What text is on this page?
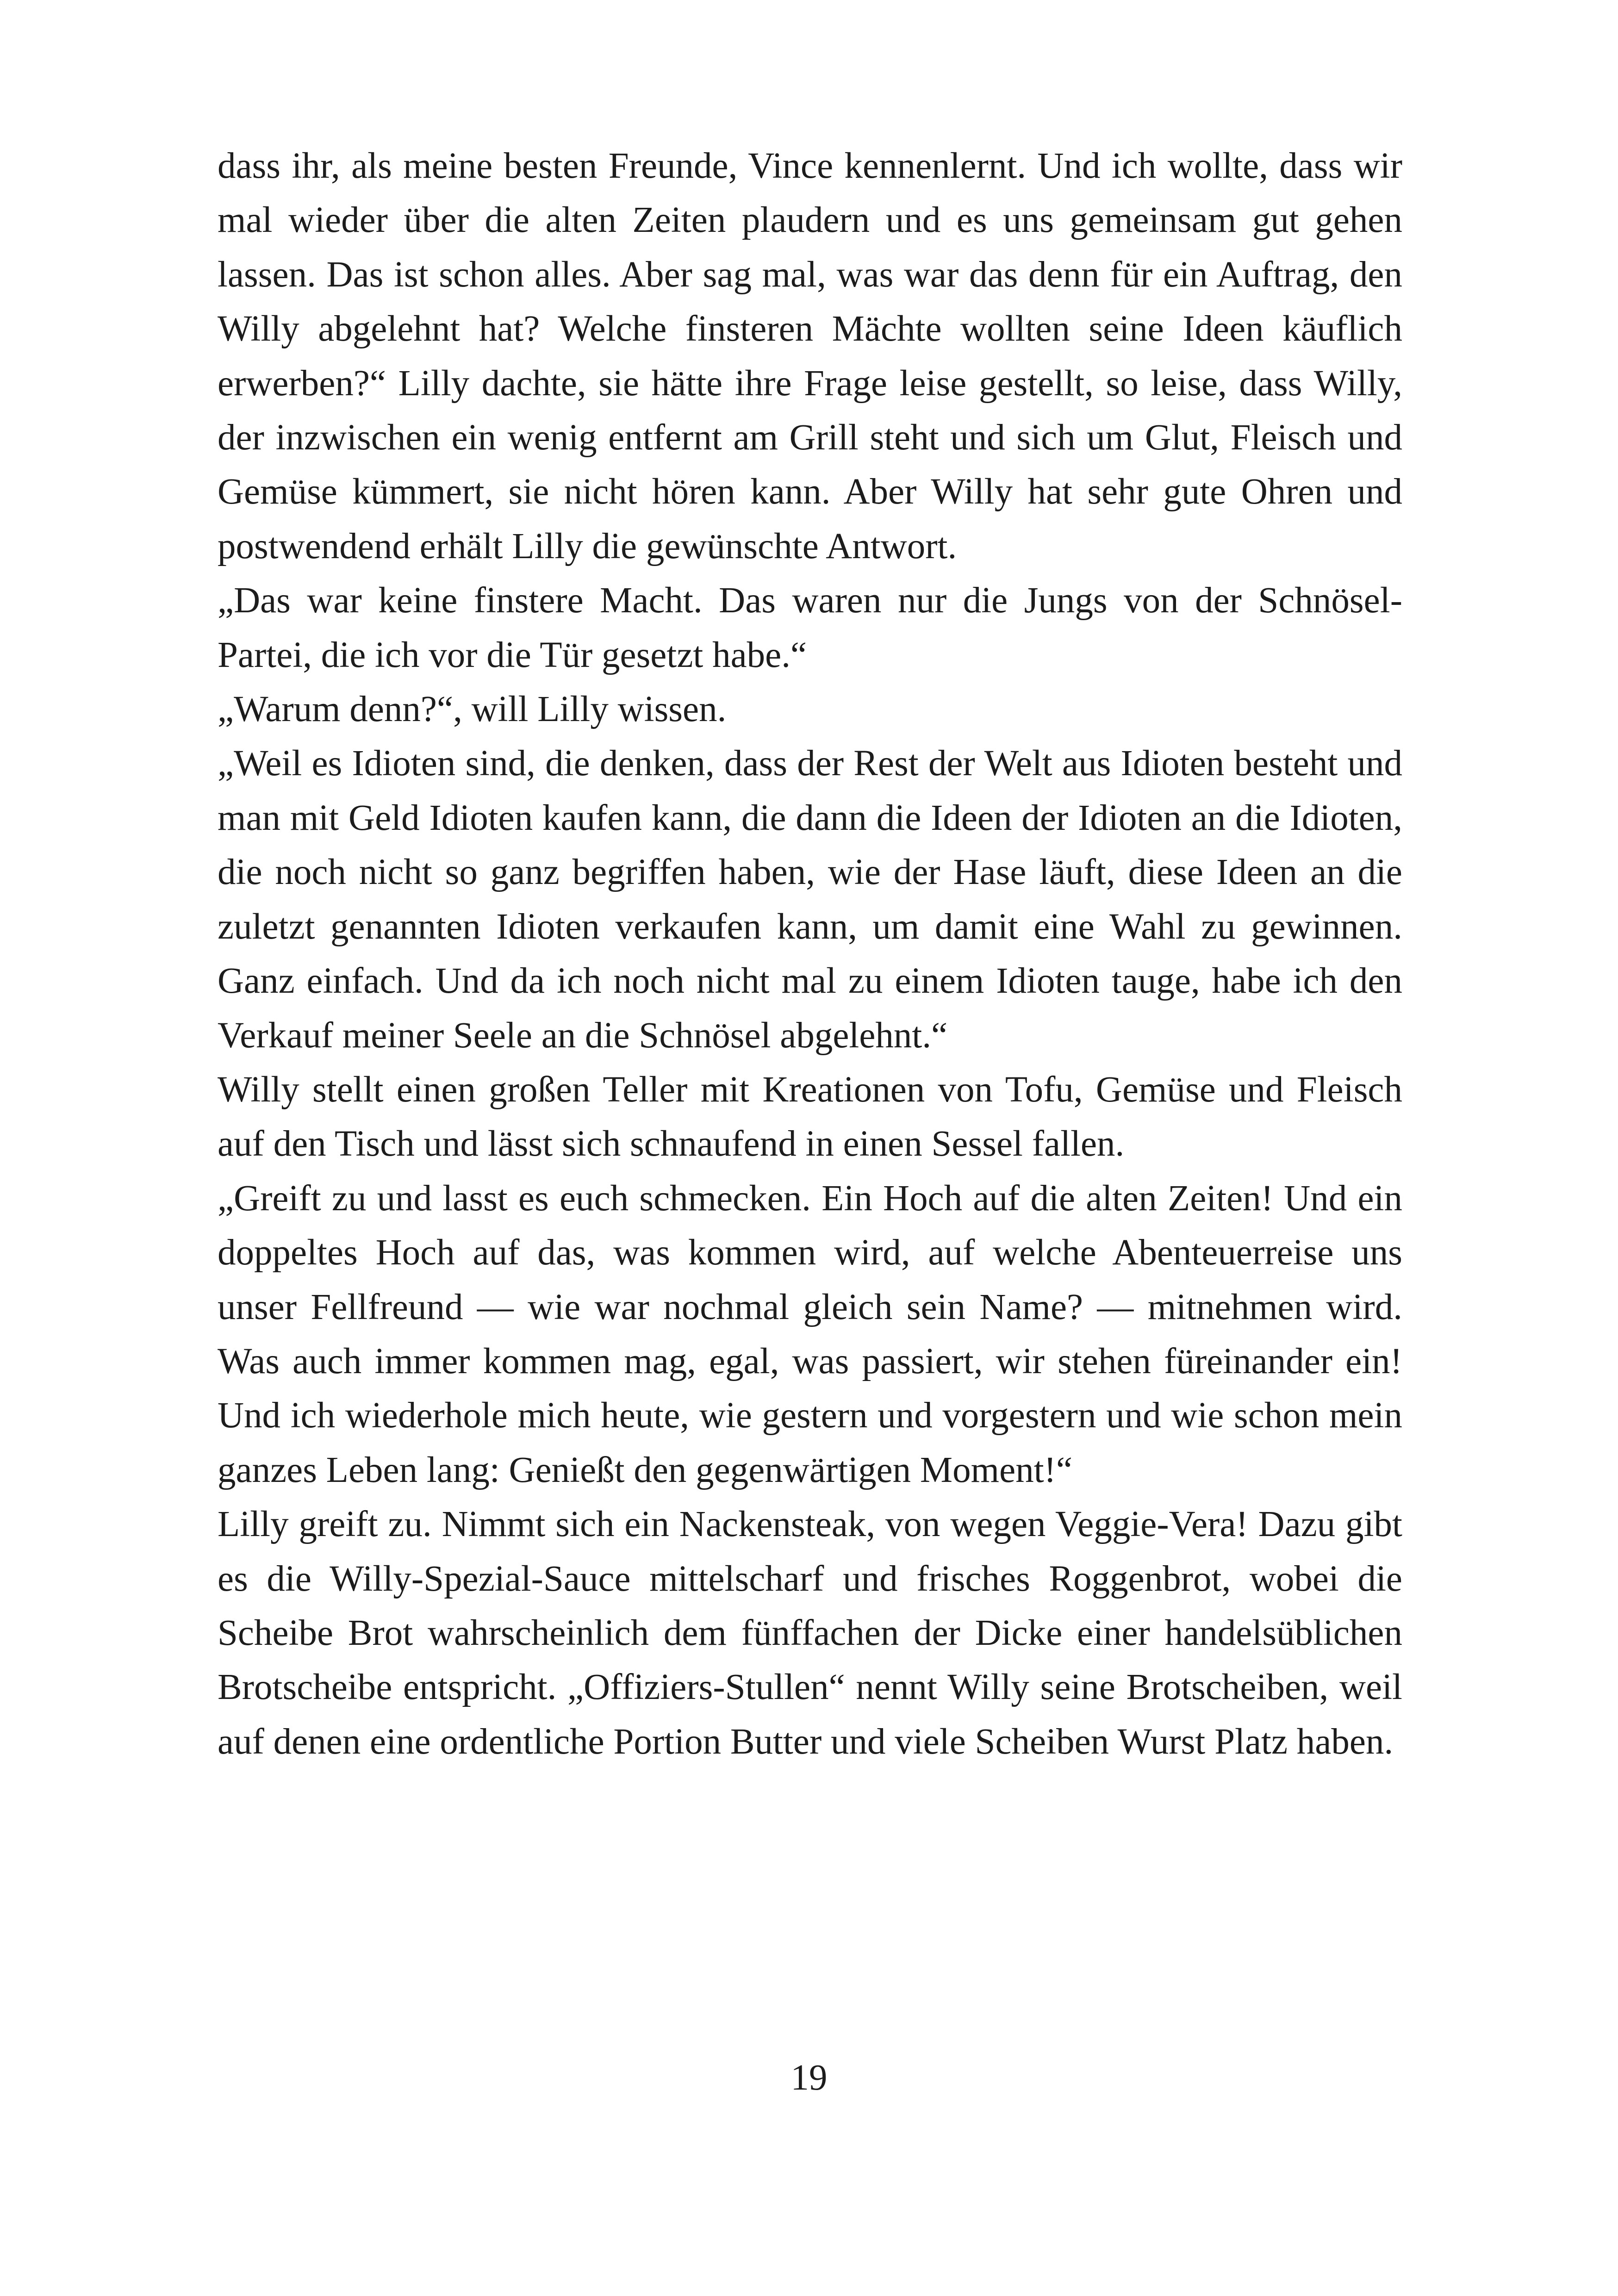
dass ihr, als meine besten Freunde, Vince kennenlernt. Und ich wollte, dass wir mal wieder über die alten Zeiten plaudern und es uns gemeinsam gut gehen lassen. Das ist schon alles. Aber sag mal, was war das denn für ein Auftrag, den Willy abgelehnt hat? Welche finsteren Mächte wollten seine Ideen käuflich erwerben?“ Lilly dachte, sie hätte ihre Frage leise gestellt, so leise, dass Willy, der inzwischen ein wenig entfernt am Grill steht und sich um Glut, Fleisch und Gemüse kümmert, sie nicht hören kann. Aber Willy hat sehr gute Ohren und postwendend erhält Lilly die gewünschte Antwort.

„Das war keine finstere Macht. Das waren nur die Jungs von der Schnösel-Partei, die ich vor die Tür gesetzt habe.“

„Warum denn?“, will Lilly wissen.

„Weil es Idioten sind, die denken, dass der Rest der Welt aus Idioten besteht und man mit Geld Idioten kaufen kann, die dann die Ideen der Idioten an die Idioten, die noch nicht so ganz begriffen haben, wie der Hase läuft, diese Ideen an die zuletzt genannten Idioten verkaufen kann, um damit eine Wahl zu gewinnen. Ganz einfach. Und da ich noch nicht mal zu einem Idioten tauge, habe ich den Verkauf meiner Seele an die Schnösel abgelehnt.“

Willy stellt einen großen Teller mit Kreationen von Tofu, Gemüse und Fleisch auf den Tisch und lässt sich schnaufend in einen Sessel fallen.

„Greift zu und lasst es euch schmecken. Ein Hoch auf die alten Zeiten! Und ein doppeltes Hoch auf das, was kommen wird, auf welche Abenteuerreise uns unser Fellfreund — wie war nochmal gleich sein Name? — mitnehmen wird. Was auch immer kommen mag, egal, was passiert, wir stehen füreinander ein! Und ich wiederhole mich heute, wie gestern und vorgestern und wie schon mein ganzes Leben lang: Genießt den gegenwärtigen Moment!“

Lilly greift zu. Nimmt sich ein Nackensteak, von wegen Veggie-Vera! Dazu gibt es die Willy-Spezial-Sauce mittelscharf und frisches Roggenbrot, wobei die Scheibe Brot wahrscheinlich dem fünffachen der Dicke einer handelsüblichen Brotscheibe entspricht. „Offiziers-Stullen“ nennt Willy seine Brotscheiben, weil auf denen eine ordentliche Portion Butter und viele Scheiben Wurst Platz haben.

19
